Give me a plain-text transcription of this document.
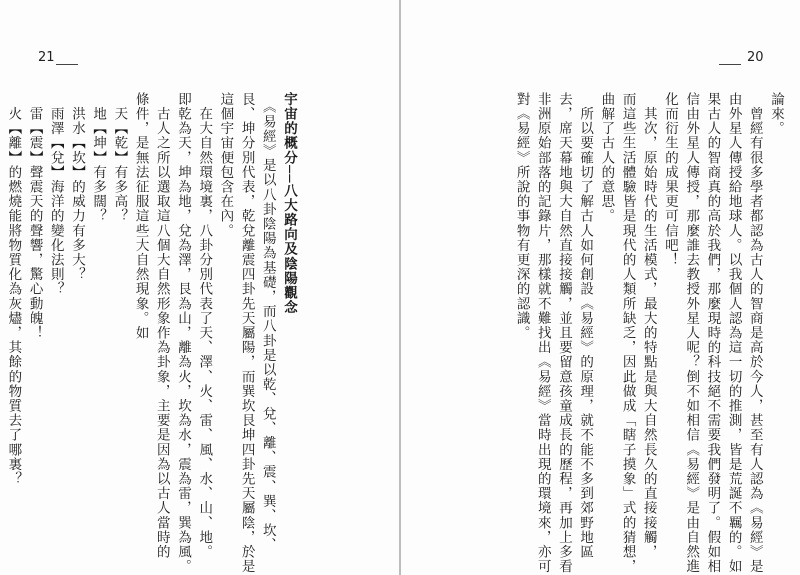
21
宇宙的概分──八大路向及陰陽觀念
　《易經》是以八卦陰陽為基礎，而八卦是以乾、兌、離、震、巽、坎、
艮、坤分別代表，乾兌離震四卦先天屬陽，而巽坎艮坤四卦先天屬陰，於是
這個宇宙便包含在內。
　在大自然環境裏，八卦分別代表了天、澤、火、雷、風、水、山、地。
即乾為天，坤為地，兌為澤，艮為山，離為火，坎為水，震為雷，巽為風。
　古人之所以選取這八個大自然形象作為卦象，主要是因為以古人當時的
條件，是無法征服這些大自然現象。如
　天【乾】有多高？
　地【坤】有多闊？
　洪水【坎】的威力有多大？
　雨澤【兌】海洋的變化法則？
　雷【震】聲震天的聲響，驚心動魄！
　火【離】的燃燒能將物質化為灰燼，其餘的物質去了哪裏？
20
論來。
　曾經有很多學者都認為古人的智商是高於今人，甚至有人認為《易經》是
由外星人傳授給地球人。以我個人認為這一切的推測，皆是荒誕不羈的。如
果古人的智商真的高於我們，那麼現時的科技絕不需要我們發明了。假如相
信由外星人傳授，那麼誰去教授外星人呢？倒不如相信《易經》是由自然進
化而衍生的成果更可信吧！
　其次，原始時代的生活模式，最大的特點是與大自然長久的直接接觸，
而這些生活體驗皆是現代的人類所缺乏，因此做成「瞎子摸象」式的猜想，
曲解了古人的意思。
　所以要確切了解古人如何創設《易經》的原理，就不能不多到郊野地區
去，席天幕地與大自然直接接觸，並且要留意孩童成長的歷程，再加上多看
非洲原始部落的記錄片，那樣就不難找出《易經》當時出現的環境來，亦可
對《易經》所說的事物有更深的認識。
